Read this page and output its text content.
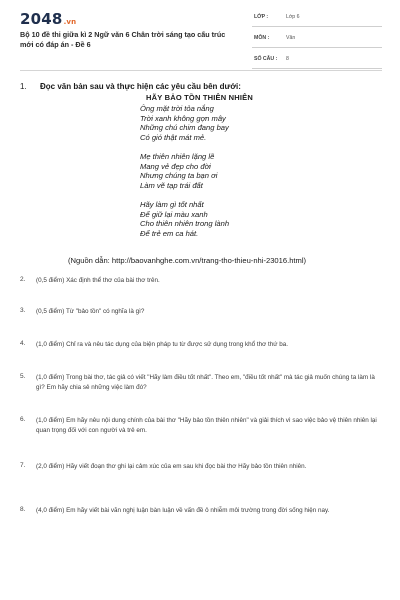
2048.vn
Bộ 10 đề thi giữa kì 2 Ngữ văn 6 Chân trời sáng tạo cấu trúc mới có đáp án - Đề 6
LỚP :	Lớp 6
MÔN :	Văn
SỐ CÂU : 8
1. Đọc văn bản sau và thực hiện các yêu cầu bên dưới:
HÃY BẢO TỒN THIÊN NHIÊN
Ông mặt trời tỏa nắng
Trời xanh không gợn mây
Những chú chim đang bay
Có gió thật mát mẻ.
Mẹ thiên nhiên lặng lẽ
Mang vẻ đẹp cho đời
Nhưng chúng ta bạn ơi
Làm vẽ tạp trái đất
Hãy làm gì tốt nhất
Để giữ lại màu xanh
Cho thiên nhiên trong lành
Để trẻ em ca hát.
(Nguồn dẫn: http://baovanhghe.com.vn/trang-tho-thieu-nhi-23016.html)
2. (0,5 điểm) Xác định thể thơ của bài thơ trên.
3. (0,5 điểm) Từ "bảo tồn" có nghĩa là gì?
4. (1,0 điểm) Chỉ ra và nêu tác dụng của biện pháp tu từ được sử dụng trong khổ thơ thứ ba.
5. (1,0 điểm) Trong bài thơ, tác giả có viết "Hãy làm điều tốt nhất". Theo em, "điều tốt nhất" mà tác giả muốn chúng ta làm là gì? Em hãy chia sẻ những việc làm đó?
6. (1,0 điểm) Em hãy nêu nội dung chính của bài thơ "Hãy bảo tồn thiên nhiên" và giải thích vì sao việc bảo vệ thiên nhiên lại quan trọng đối với con người và trẻ em.
7. (2,0 điểm) Hãy viết đoạn thơ ghi lại cảm xúc của em sau khi đọc bài thơ Hãy bảo tồn thiên nhiên.
8. (4,0 điểm) Em hãy viết bài văn nghị luận bàn luận về vấn đề ô nhiễm môi trường trong đời sống hiện nay.
